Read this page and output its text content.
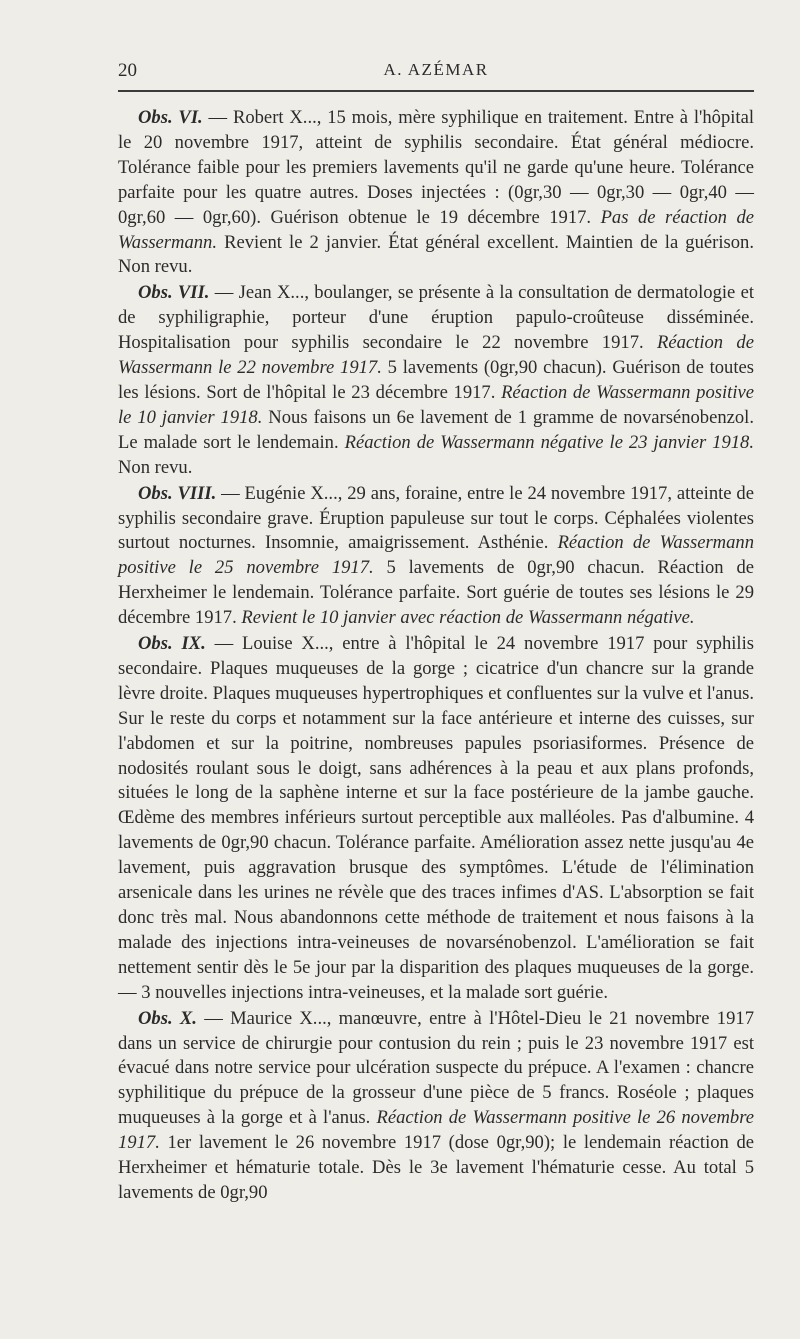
20	A. AZÉMAR

Obs. VI. — Robert X..., 15 mois, mère syphilique en traitement. Entre à l'hôpital le 20 novembre 1917, atteint de syphilis secondaire. État général médiocre. Tolérance faible pour les premiers lavements qu'il ne garde qu'une heure. Tolérance parfaite pour les quatre autres. Doses injectées : (0gr,30 — 0gr,30 — 0gr,40 — 0gr,60 — 0gr,60). Guérison obtenue le 19 décembre 1917. Pas de réaction de Wassermann. Revient le 2 janvier. État général excellent. Maintien de la guérison. Non revu.

Obs. VII. — Jean X..., boulanger, se présente à la consultation de dermatologie et de syphiligraphie, porteur d'une éruption papulo-croûteuse disséminée. Hospitalisation pour syphilis secondaire le 22 novembre 1917. Réaction de Wassermann le 22 novembre 1917. 5 lavements (0gr,90 chacun). Guérison de toutes les lésions. Sort de l'hôpital le 23 décembre 1917. Réaction de Wassermann positive le 10 janvier 1918. Nous faisons un 6e lavement de 1 gramme de novarsénobenzol. Le malade sort le lendemain. Réaction de Wassermann négative le 23 janvier 1918. Non revu.

Obs. VIII. — Eugénie X..., 29 ans, foraine, entre le 24 novembre 1917, atteinte de syphilis secondaire grave. Éruption papuleuse sur tout le corps. Céphalées violentes surtout nocturnes. Insomnie, amaigrissement. Asthénie. Réaction de Wassermann positive le 25 novembre 1917. 5 lavements de 0gr,90 chacun. Réaction de Herxheimer le lendemain. Tolérance parfaite. Sort guérie de toutes ses lésions le 29 décembre 1917. Revient le 10 janvier avec réaction de Wassermann négative.

Obs. IX. — Louise X..., entre à l'hôpital le 24 novembre 1917 pour syphilis secondaire. Plaques muqueuses de la gorge ; cicatrice d'un chancre sur la grande lèvre droite. Plaques muqueuses hypertrophiques et confluentes sur la vulve et l'anus. Sur le reste du corps et notamment sur la face antérieure et interne des cuisses, sur l'abdomen et sur la poitrine, nombreuses papules psoriasiformes. Présence de nodosités roulant sous le doigt, sans adhérences à la peau et aux plans profonds, situées le long de la saphène interne et sur la face postérieure de la jambe gauche. Œdème des membres inférieurs surtout perceptible aux malléoles. Pas d'albumine. 4 lavements de 0gr,90 chacun. Tolérance parfaite. Amélioration assez nette jusqu'au 4e lavement, puis aggravation brusque des symptômes. L'étude de l'élimination arsenicale dans les urines ne révèle que des traces infimes d'AS. L'absorption se fait donc très mal. Nous abandonnons cette méthode de traitement et nous faisons à la malade des injections intra-veineuses de novarsénobenzol. L'amélioration se fait nettement sentir dès le 5e jour par la disparition des plaques muqueuses de la gorge. — 3 nouvelles injections intra-veineuses, et la malade sort guérie.

Obs. X. — Maurice X..., manœuvre, entre à l'Hôtel-Dieu le 21 novembre 1917 dans un service de chirurgie pour contusion du rein ; puis le 23 novembre 1917 est évacué dans notre service pour ulcération suspecte du prépuce. A l'examen : chancre syphilitique du prépuce de la grosseur d'une pièce de 5 francs. Roséole ; plaques muqueuses à la gorge et à l'anus. Réaction de Wassermann positive le 26 novembre 1917. 1er lavement le 26 novembre 1917 (dose 0gr,90); le lendemain réaction de Herxheimer et hématurie totale. Dès le 3e lavement l'hématurie cesse. Au total 5 lavements de 0gr,90
